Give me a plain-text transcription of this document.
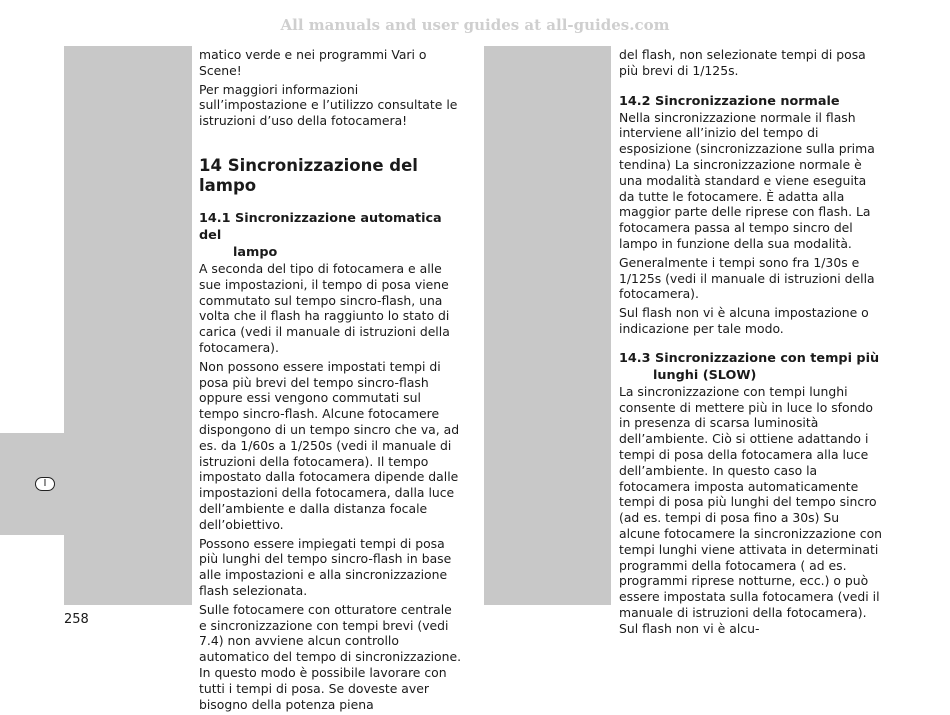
All manuals and user guides at all-guides.com
I

matico verde e nei programmi Vari o Scene!

Per maggiori informazioni sull’impostazione e l’utilizzo consultate le istruzioni d’uso della fotocamera!

14 Sincronizzazione del lampo
14.1 Sincronizzazione automatica del
lampo

A seconda del tipo di fotocamera e alle sue impostazioni, il tempo di posa viene commutato sul tempo sincro-flash, una volta che il flash ha raggiunto lo stato di carica (vedi il manuale di istruzioni della fotocamera).

Non possono essere impostati tempi di posa più brevi del tempo sincro-flash oppure essi vengono commutati sul tempo sincro-flash. Alcune fotocamere dispongono di un tempo sincro che va, ad es. da 1/60s a 1/250s (vedi il manuale di istruzioni della fotocamera). Il tempo impostato dalla fotocamera dipende dalle impostazioni della fotocamera, dalla luce dell’ambiente e dalla distanza focale dell’obiettivo.

Possono essere impiegati tempi di posa più lunghi del tempo sincro-flash in base alle impostazioni e alla sincronizzazione flash selezionata.

Sulle fotocamere con otturatore centrale e sincronizzazione con tempi brevi (vedi 7.4) non avviene alcun controllo automatico del tempo di sincronizzazione. In questo modo è possibile lavorare con tutti i tempi di posa. Se doveste aver bisogno della potenza piena

del flash, non selezionate tempi di posa più brevi di 1/125s.

14.2 Sincronizzazione normale

Nella sincronizzazione normale il flash interviene all’inizio del tempo di esposizione (sincronizzazione sulla prima tendina) La sincronizzazione normale è una modalità standard e viene eseguita da tutte le fotocamere. È adatta alla maggior parte delle riprese con flash. La fotocamera passa al tempo sincro del lampo in funzione della sua modalità.

Generalmente i tempi sono fra 1/30s e 1/125s (vedi il manuale di istruzioni della fotocamera).

Sul flash non vi è alcuna impostazione o indicazione per tale modo.

14.3 Sincronizzazione con tempi più
lunghi (SLOW)

La sincronizzazione con tempi lunghi consente di mettere più in luce lo sfondo in presenza di scarsa luminosità dell’ambiente. Ciò si ottiene adattando i tempi di posa della fotocamera alla luce dell’ambiente. In questo caso la fotocamera imposta automaticamente tempi di posa più lunghi del tempo sincro (ad es. tempi di posa fino a 30s) Su alcune fotocamere la sincronizzazione con tempi lunghi viene attivata in determinati programmi della fotocamera ( ad es. programmi riprese notturne, ecc.) o può essere impostata sulla fotocamera (vedi il manuale di istruzioni della fotocamera). Sul flash non vi è alcu-

258
